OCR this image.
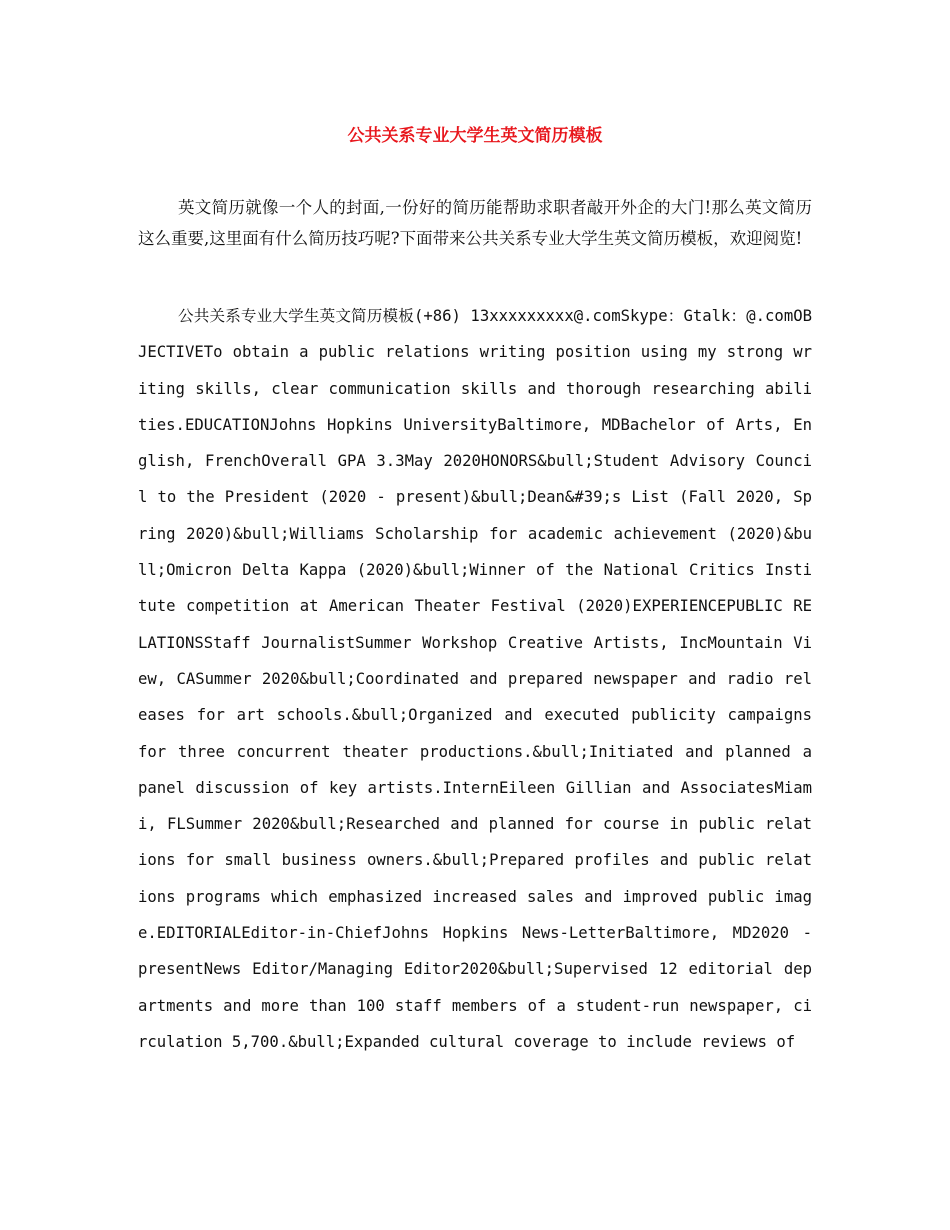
公共关系专业大学生英文简历模板

英文简历就像一个人的封面,一份好的简历能帮助求职者敲开外企的大门!那么英文简历这么重要,这里面有什么简历技巧呢?下面带来公共关系专业大学生英文简历模板，欢迎阅览!

公共关系专业大学生英文简历模板(+86) 13xxxxxxxxx@.comSkype：Gtalk：@.comOBJECTIVETo obtain a public relations writing position using my strong writing skills, clear communication skills and thorough researching abilities.EDUCATIONJohns Hopkins UniversityBaltimore, MDBachelor of Arts, English, FrenchOverall GPA 3.3May 2020HONORS&bull;Student Advisory Council to the President (2020 - present)&bull;Dean&#39;s List (Fall 2020, Spring 2020)&bull;Williams Scholarship for academic achievement (2020)&bull;Omicron Delta Kappa (2020)&bull;Winner of the National Critics Institute competition at American Theater Festival (2020)EXPERIENCEPUBLIC RELATIONSStaff JournalistSummer Workshop Creative Artists, IncMountain View, CASummer 2020&bull;Coordinated and prepared newspaper and radio releases for art schools.&bull;Organized and executed publicity campaigns for three concurrent theater productions.&bull;Initiated and planned a panel discussion of key artists.InternEileen Gillian and AssociatesMiami, FLSummer 2020&bull;Researched and planned for course in public relations for small business owners.&bull;Prepared profiles and public relations programs which emphasized increased sales and improved public image.EDITORIALEditor-in-ChiefJohns Hopkins News-LetterBaltimore, MD2020 - presentNews Editor/Managing Editor2020&bull;Supervised 12 editorial departments and more than 100 staff members of a student-run newspaper, circulation 5,700.&bull;Expanded cultural coverage to include reviews of
